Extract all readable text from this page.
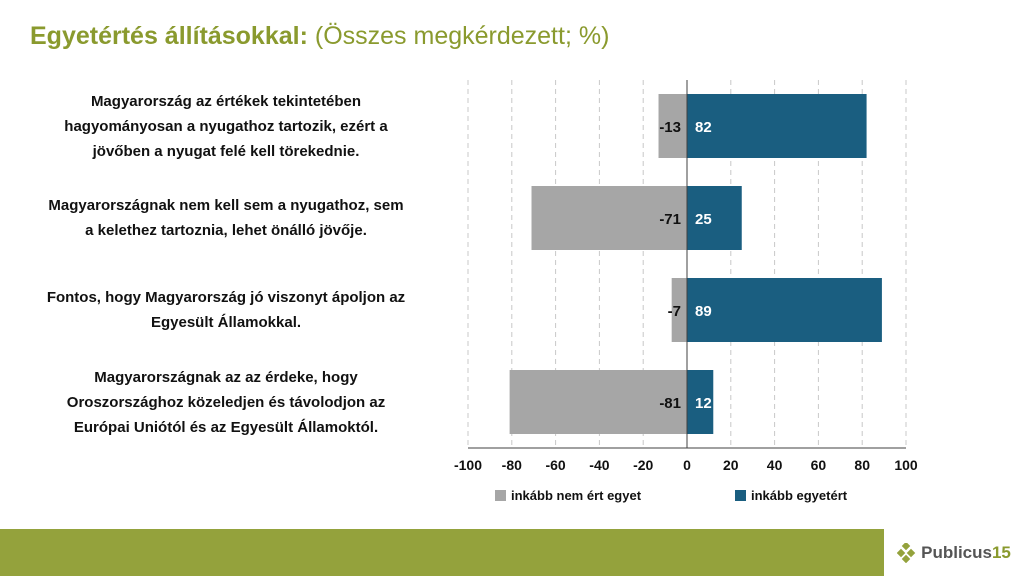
Egyetértés állításokkal: (Összes megkérdezett; %)
Magyarország az értékek tekintetében
hagyományosan a nyugathoz tartozik, ezért a
jövőben a nyugat felé kell törekednie.
Magyarországnak nem kell sem a nyugathoz, sem
a kelethez tartoznia, lehet önálló jövője.
Fontos, hogy Magyarország jó viszonyt ápoljon az
Egyesült Államokkal.
Magyarországnak az az érdeke, hogy
Oroszországhoz közeledjen és távolodjon az
Európai Uniótól és az Egyesült Államoktól.
-100 -80 -60 -40 -20 0 20 40 60 80 100
-13
-71
-7
-81
82
25
89
12
inkább nem ért egyet	inkább egyetért
Publicus15
